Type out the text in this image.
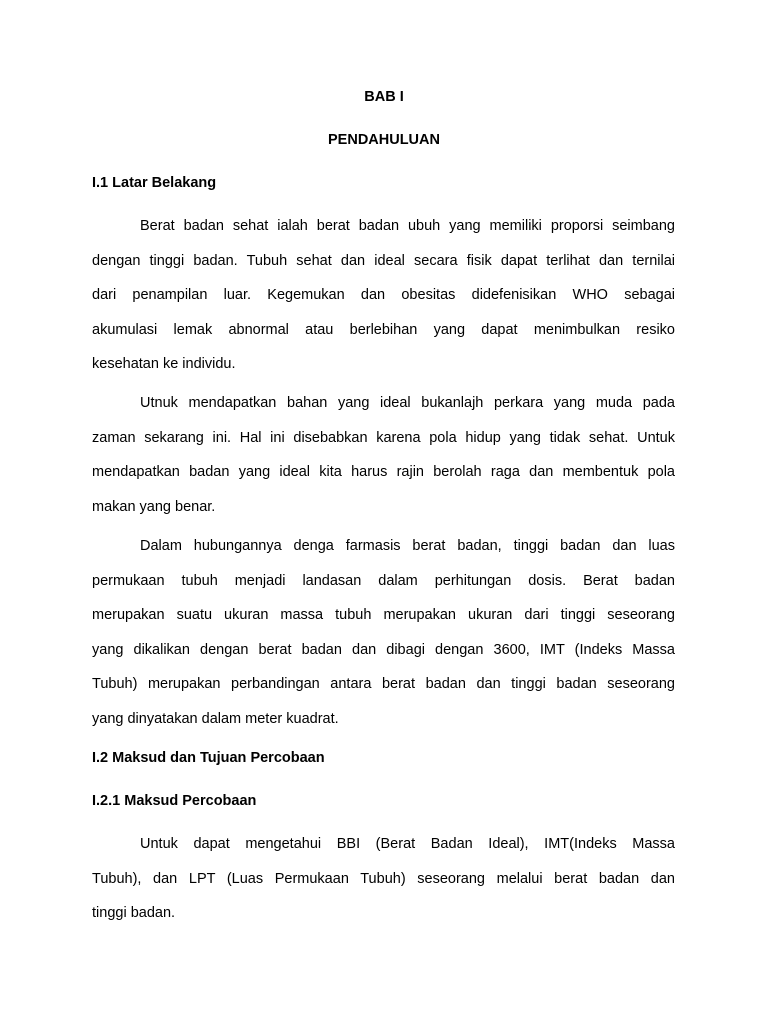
BAB I
PENDAHULUAN
I.1 Latar Belakang
Berat badan sehat ialah berat badan ubuh yang memiliki proporsi seimbang
dengan tinggi badan. Tubuh sehat dan ideal secara fisik dapat terlihat dan ternilai
dari penampilan luar. Kegemukan dan obesitas didefenisikan WHO sebagai
akumulasi lemak abnormal atau berlebihan yang dapat menimbulkan resiko
kesehatan ke individu.
Utnuk mendapatkan bahan yang ideal bukanlajh perkara yang muda pada
zaman sekarang ini. Hal ini disebabkan karena pola hidup yang tidak sehat. Untuk
mendapatkan badan yang ideal kita harus rajin berolah raga dan membentuk pola
makan yang benar.
Dalam hubungannya denga farmasis berat badan, tinggi badan dan luas
permukaan tubuh menjadi landasan dalam perhitungan dosis. Berat badan
merupakan suatu ukuran massa tubuh merupakan ukuran dari tinggi seseorang
yang dikalikan dengan berat badan dan dibagi dengan 3600, IMT (Indeks Massa
Tubuh) merupakan perbandingan antara berat badan dan tinggi badan seseorang
yang dinyatakan dalam meter kuadrat.
I.2 Maksud dan Tujuan Percobaan
I.2.1 Maksud Percobaan
Untuk dapat mengetahui BBI (Berat Badan Ideal), IMT(Indeks Massa
Tubuh), dan LPT (Luas Permukaan Tubuh) seseorang melalui berat badan dan
tinggi badan.
